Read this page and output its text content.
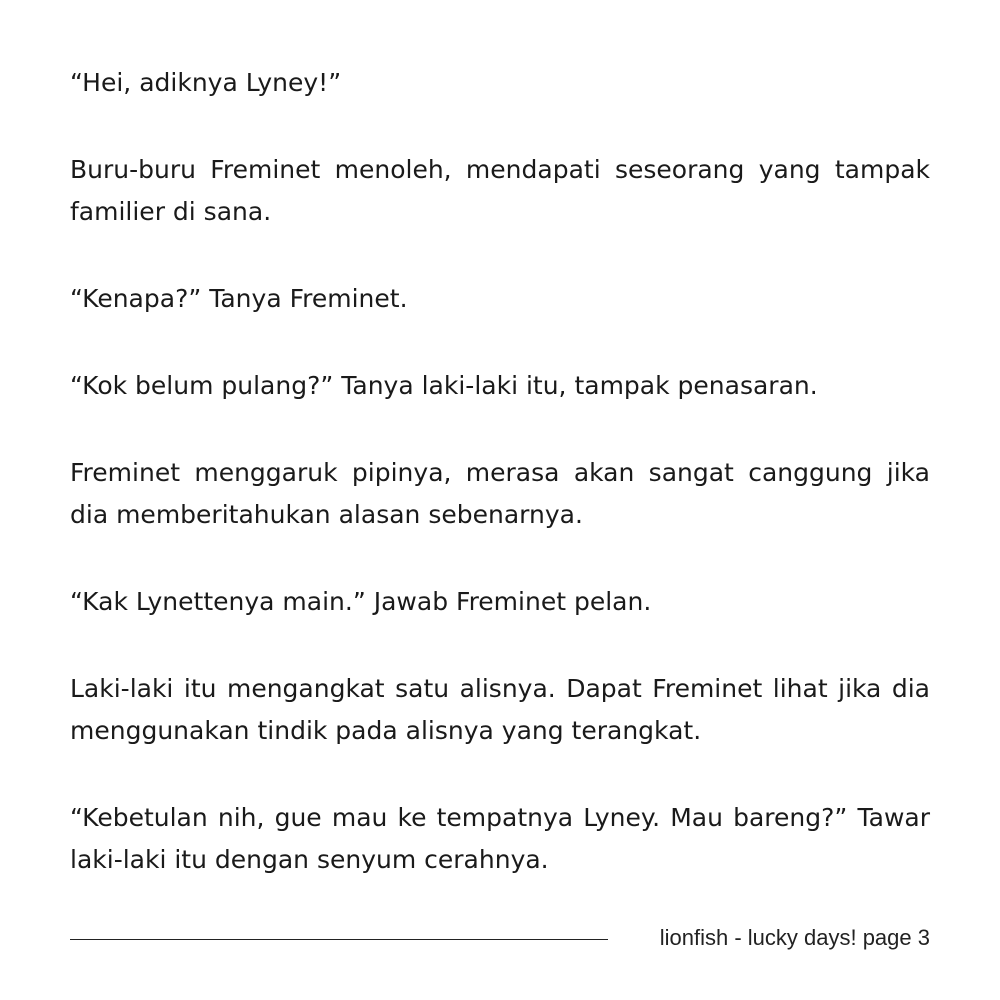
“Hei, adiknya Lyney!”

Buru-buru Freminet menoleh, mendapati seseorang yang tampak familier di sana.

“Kenapa?” Tanya Freminet.

“Kok belum pulang?” Tanya laki-laki itu, tampak penasaran.

Freminet menggaruk pipinya, merasa akan sangat canggung jika dia memberitahukan alasan sebenarnya.

“Kak Lynettenya main.” Jawab Freminet pelan.

Laki-laki itu mengangkat satu alisnya. Dapat Freminet lihat jika dia menggunakan tindik pada alisnya yang terangkat.

“Kebetulan nih, gue mau ke tempatnya Lyney. Mau bareng?” Tawar laki-laki itu dengan senyum cerahnya.

lionfish - lucky days! page 3
